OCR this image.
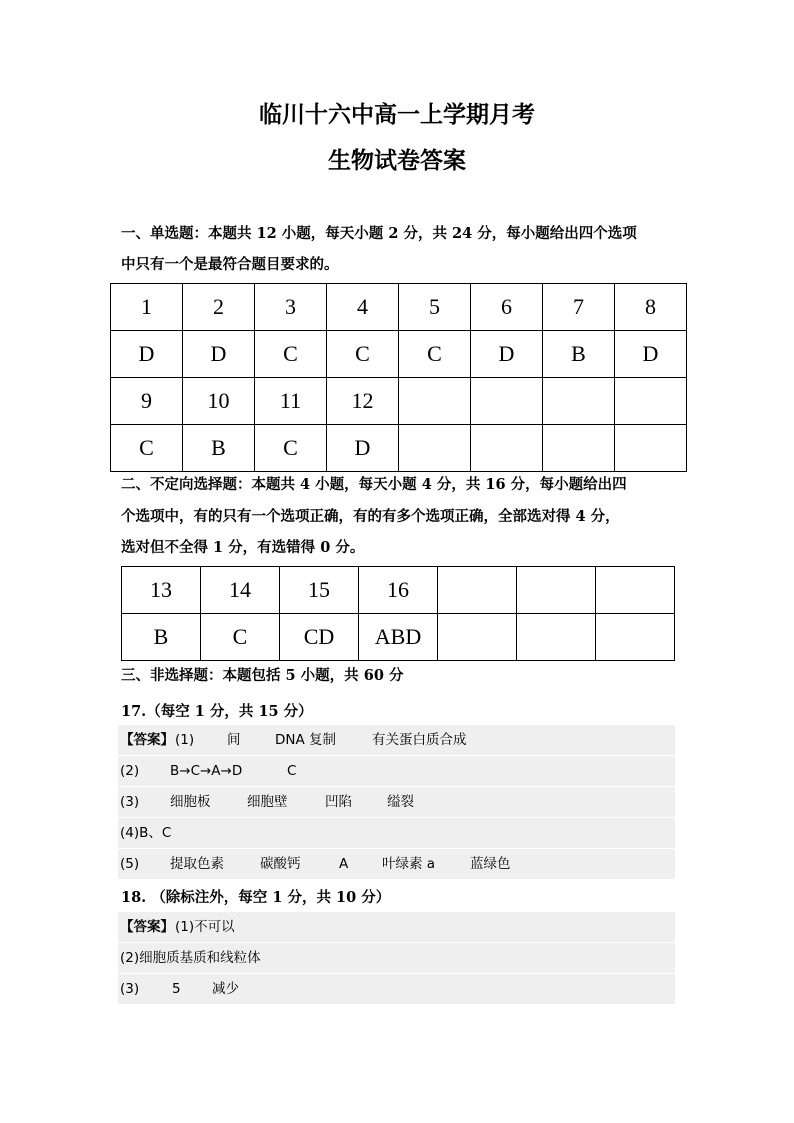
临川十六中高一上学期月考
生物试卷答案
一、单选题：本题共 12 小题，每天小题 2 分，共 24 分，每小题给出四个选项
中只有一个是最符合题目要求的。
1	2	3	4	5	6	7	8
D	D	C	C	C	D	B	D
9	10	11	12				
C	B	C	D				
二、不定向选择题：本题共 4 小题，每天小题 4 分，共 16 分，每小题给出四
个选项中，有的只有一个选项正确，有的有多个选项正确，全部选对得 4 分，
选对但不全得 1 分，有选错得 0 分。
13	14	15	16			
B	C	CD	ABD			
三、非选择题：本题包括 5 小题，共 60 分
17.（每空 1 分，共 15 分）
【答案】 (1) 间	DNA 复制	有关蛋白质合成
(2) B→C→A→D	C
(3) 细胞板	细胞壁	凹陷	缢裂
(4)B、C
(5) 提取色素	碳酸钙	A	叶绿素 a	蓝绿色
18. （除标注外，每空 1 分，共 10 分）
【答案】 (1)不可以
(2)细胞质基质和线粒体
(3) 5 减少
